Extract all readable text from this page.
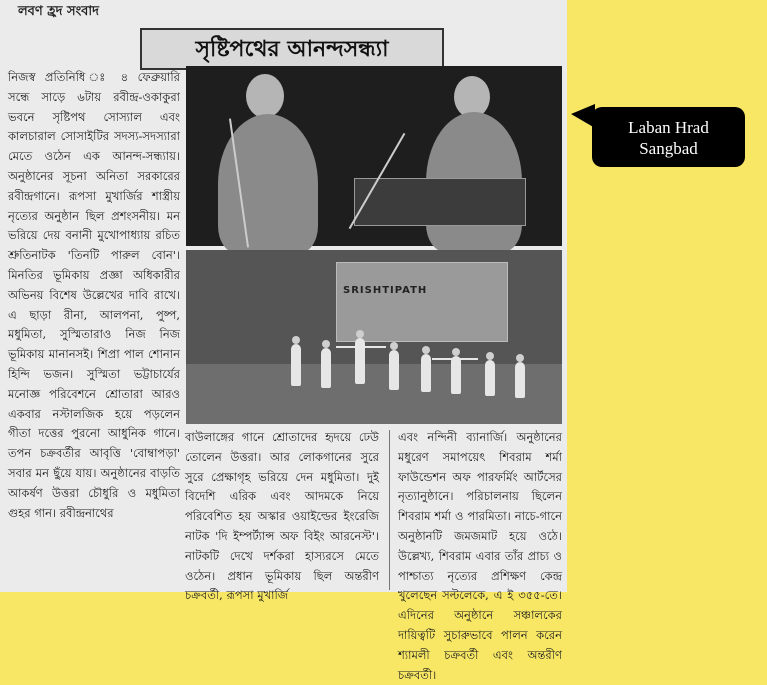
লবণ হ্রদ সংবাদ
সৃষ্টিপথের আনন্দসন্ধ্যা
নিজস্ব প্রতিনিধি ঃ ৪ ফেব্রুয়ারি সন্ধে সাড়ে ৬টায় রবীন্দ্র-ওকাকুরা ভবনে সৃষ্টিপথ সোস্যাল এবং কালচারাল সোসাইটির সদস্য-সদস্যারা মেতে ওঠেন এক আনন্দ-সন্ধ্যায়। অনুষ্ঠানের সূচনা অনিতা সরকারের রবীন্দ্রগানে। রূপসা মুখার্জির শাস্ত্রীয় নৃত্যের অনুষ্ঠান ছিল প্রশংসনীয়। মন ভরিয়ে দেয় বনানী মুখোপাধ্যায় রচিত শ্রুতিনাটক 'তিনটি পারুল বোন'। মিনতির ভূমিকায় প্রজ্ঞা অধিকারীর অভিনয় বিশেষ উল্লেখের দাবি রাখে। এ ছাড়া রীনা, আলপনা, পুষ্প, মধুমিতা, সুস্মিতারাও নিজ নিজ ভূমিকায় মানানসই। শিপ্রা পাল শোনান হিন্দি ভজন। সুস্মিতা ভট্টাচার্যের মনোজ্ঞ পরিবেশনে শ্রোতারা আরও একবার নস্টালজিক হয়ে পড়লেন গীতা দত্তের পুরনো আধুনিক গানে। তপন চক্রবর্তীর আবৃত্তি 'বোম্বাপড়া' সবার মন ছুঁয়ে যায়। অনুষ্ঠানের বাড়তি আকর্ষণ উত্তরা চৌধুরি ও মধুমিতা গুহর গান। রবীন্দ্রনাথের
SRISHTIPATH
বাউলাঙ্গের গানে শ্রোতাদের হৃদয়ে ঢেউ তোলেন উত্তরা। আর লোকগানের সুরে সুরে প্রেক্ষাগৃহ ভরিয়ে দেন মধুমিতা। দুই বিদেশি এরিক এবং আদমকে নিয়ে পরিবেশিত হয় অস্কার ওয়াইল্ডের ইংরেজি নাটক 'দি ইম্পর্ট্যান্স অফ বিইং আরনেস্ট'। নাটকটি দেখে দর্শকরা হাস্যরসে মেতে ওঠেন। প্রধান ভূমিকায় ছিল অন্তরীণ চক্রবর্তী, রূপসা মুখার্জি
এবং নন্দিনী ব্যানার্জি। অনুষ্ঠানের মধুরেণ সমাপয়েৎ শিবরাম শর্মা ফাউন্ডেশন অফ পারফর্মিং আর্টসের নৃত্যানুষ্ঠানে। পরিচালনায় ছিলেন শিবরাম শর্মা ও পারমিতা। নাচে-গানে অনুষ্ঠানটি জমজমাট হয়ে ওঠে। উল্লেখ্য, শিবরাম এবার তাঁর প্রাচ্য ও পাশ্চাত্য নৃত্যের প্রশিক্ষণ কেন্দ্র খুলেছেন সল্টলেকে, এ ই ৩৫৫-তে। এদিনের অনুষ্ঠানে সঞ্চালকের দায়িত্বটি সুচারুভাবে পালন করেন শ্যামলী চক্রবর্তী এবং অন্তরীণ চক্রবর্তী।
Laban Hrad
Sangbad
